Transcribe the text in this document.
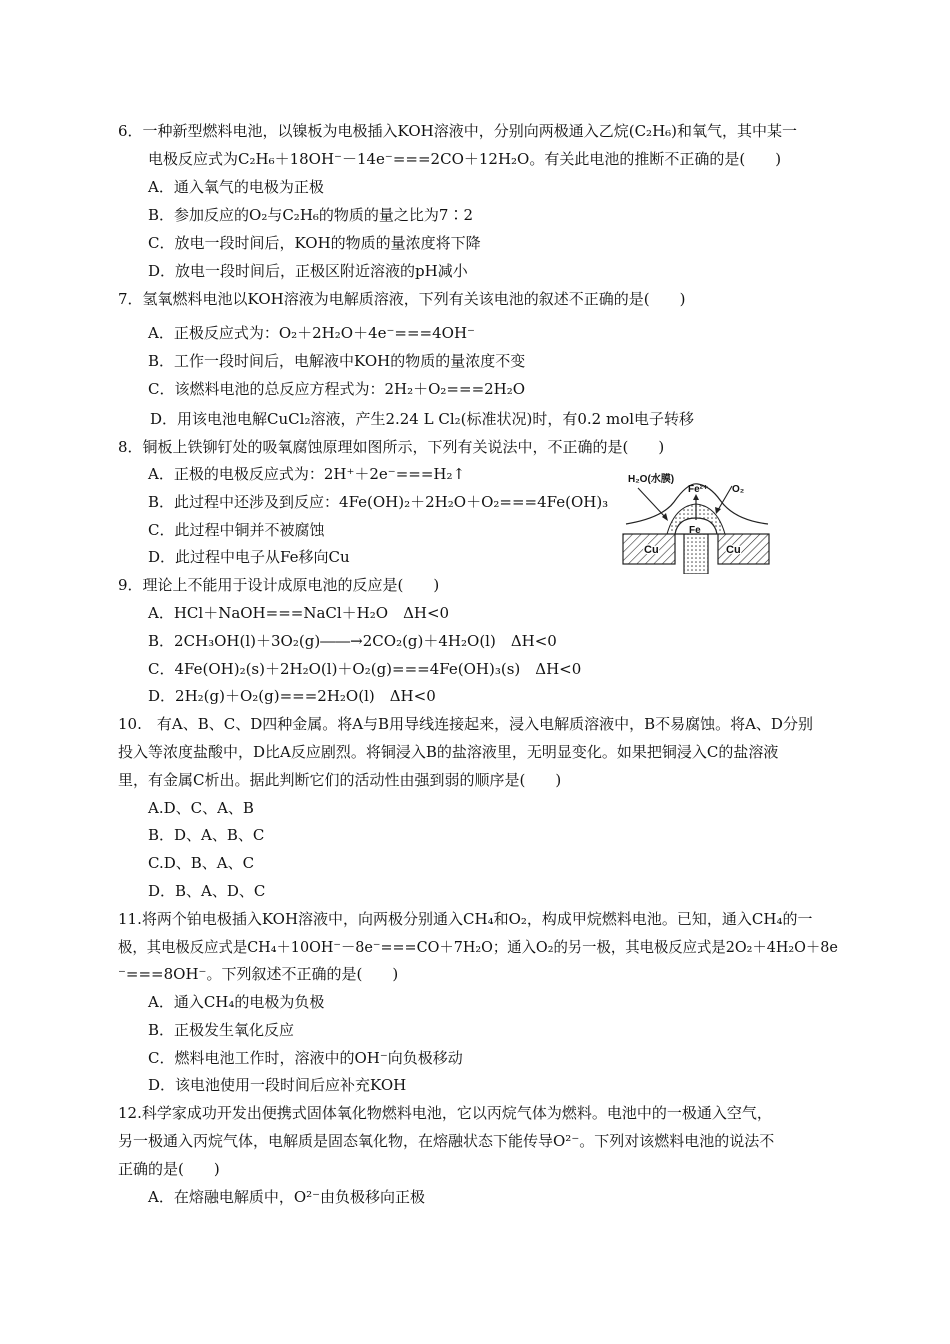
6．一种新型燃料电池，以镍板为电极插入KOH溶液中，分别向两极通入乙烷(C₂H₆)和氧气，其中某一
电极反应式为C₂H₆＋18OH⁻－14e⁻===2CO＋12H₂O。有关此电池的推断不正确的是(　　)
A．通入氧气的电极为正极
B．参加反应的O₂与C₂H₆的物质的量之比为7∶2
C．放电一段时间后，KOH的物质的量浓度将下降
D．放电一段时间后，正极区附近溶液的pH减小
7．氢氧燃料电池以KOH溶液为电解质溶液，下列有关该电池的叙述不正确的是(　　)
A．正极反应式为：O₂＋2H₂O＋4e⁻===4OH⁻
B．工作一段时间后，电解液中KOH的物质的量浓度不变
C．该燃料电池的总反应方程式为：2H₂＋O₂===2H₂O
D．用该电池电解CuCl₂溶液，产生2.24 L Cl₂(标准状况)时，有0.2 mol电子转移
8．铜板上铁铆钉处的吸氧腐蚀原理如图所示，下列有关说法中，不正确的是(　　)
A．正极的电极反应式为：2H⁺＋2e⁻===H₂↑
B．此过程中还涉及到反应：4Fe(OH)₂＋2H₂O＋O₂===4Fe(OH)₃
C．此过程中铜并不被腐蚀
D．此过程中电子从Fe移向Cu
H₂O(水膜)
Fe²⁺ O₂
Fe
Cu	Cu
9．理论上不能用于设计成原电池的反应是(　　)
A．HCl＋NaOH===NaCl＋H₂O　ΔH<0
B．2CH₃OH(l)＋3O₂(g)――→2CO₂(g)＋4H₂O(l)　ΔH<0
C．4Fe(OH)₂(s)＋2H₂O(l)＋O₂(g)===4Fe(OH)₃(s)　ΔH<0
D．2H₂(g)＋O₂(g)===2H₂O(l)　ΔH<0
10.　有A、B、C、D四种金属。将A与B用导线连接起来，浸入电解质溶液中，B不易腐蚀。将A、D分别
投入等浓度盐酸中，D比A反应剧烈。将铜浸入B的盐溶液里，无明显变化。如果把铜浸入C的盐溶液
里，有金属C析出。据此判断它们的活动性由强到弱的顺序是(　　)
A.D、C、A、B
B．D、A、B、C
C.D、B、A、C
D．B、A、D、C
11.将两个铂电极插入KOH溶液中，向两极分别通入CH₄和O₂，构成甲烷燃料电池。已知，通入CH₄的一
极，其电极反应式是CH₄＋10OH⁻－8e⁻===CO＋7H₂O；通入O₂的另一极，其电极反应式是2O₂＋4H₂O＋8e
⁻===8OH⁻。下列叙述不正确的是(　　)
A．通入CH₄的电极为负极
B．正极发生氧化反应
C．燃料电池工作时，溶液中的OH⁻向负极移动
D．该电池使用一段时间后应补充KOH
12.科学家成功开发出便携式固体氧化物燃料电池，它以丙烷气体为燃料。电池中的一极通入空气，
另一极通入丙烷气体，电解质是固态氧化物，在熔融状态下能传导O²⁻。下列对该燃料电池的说法不
正确的是(　　)
A．在熔融电解质中，O²⁻由负极移向正极
